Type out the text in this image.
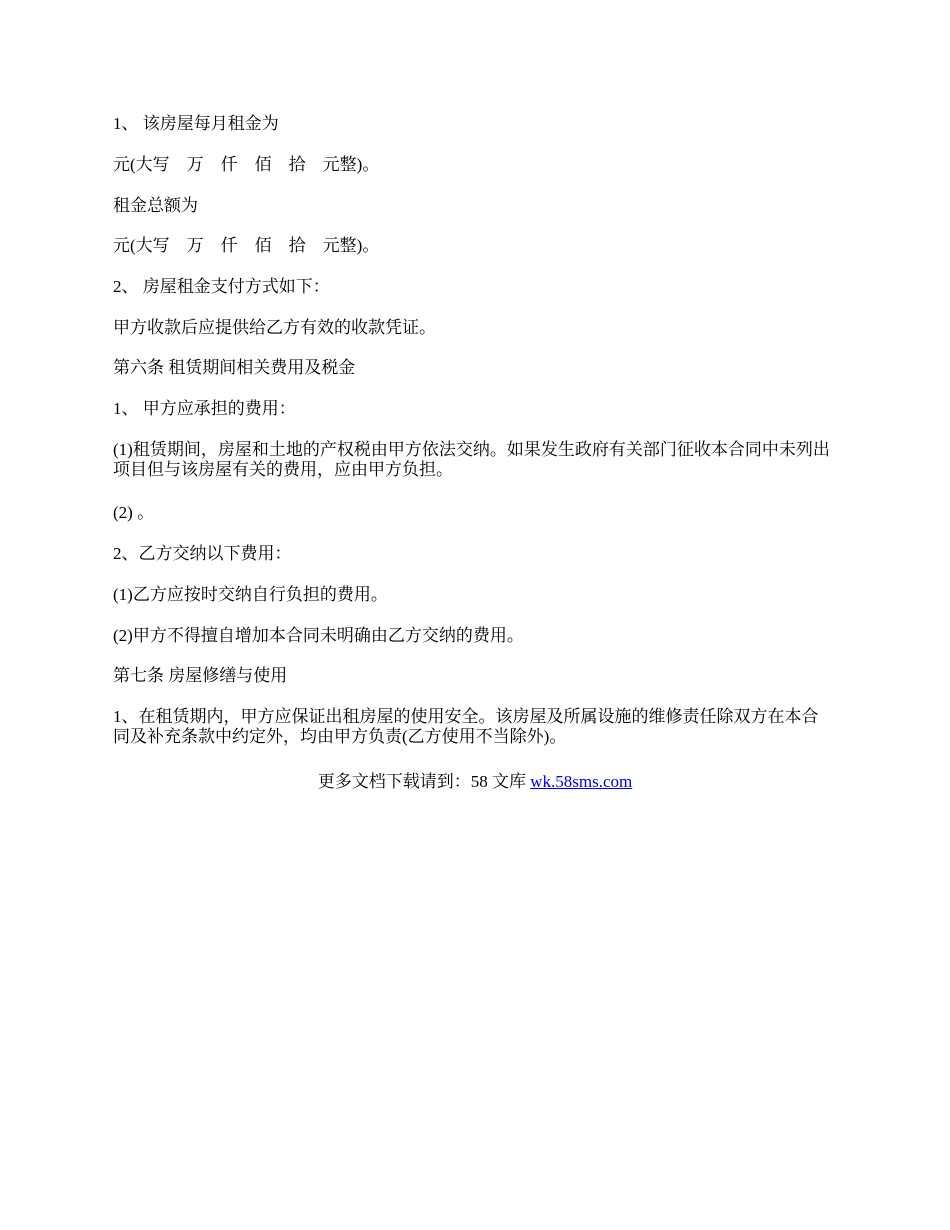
1、 该房屋每月租金为
元(大写    万    仟    佰    拾    元整)。
租金总额为
元(大写    万    仟    佰    拾    元整)。
2、 房屋租金支付方式如下：
甲方收款后应提供给乙方有效的收款凭证。
第六条 租赁期间相关费用及税金
1、 甲方应承担的费用：
(1)租赁期间，房屋和土地的产权税由甲方依法交纳。如果发生政府有关部门征收本合同中未列出项目但与该房屋有关的费用，应由甲方负担。
(2) 。
2、乙方交纳以下费用：
(1)乙方应按时交纳自行负担的费用。
(2)甲方不得擅自增加本合同未明确由乙方交纳的费用。
第七条 房屋修缮与使用
1、在租赁期内，甲方应保证出租房屋的使用安全。该房屋及所属设施的维修责任除双方在本合同及补充条款中约定外，均由甲方负责(乙方使用不当除外)。
更多文档下载请到：58 文库 wk.58sms.com
